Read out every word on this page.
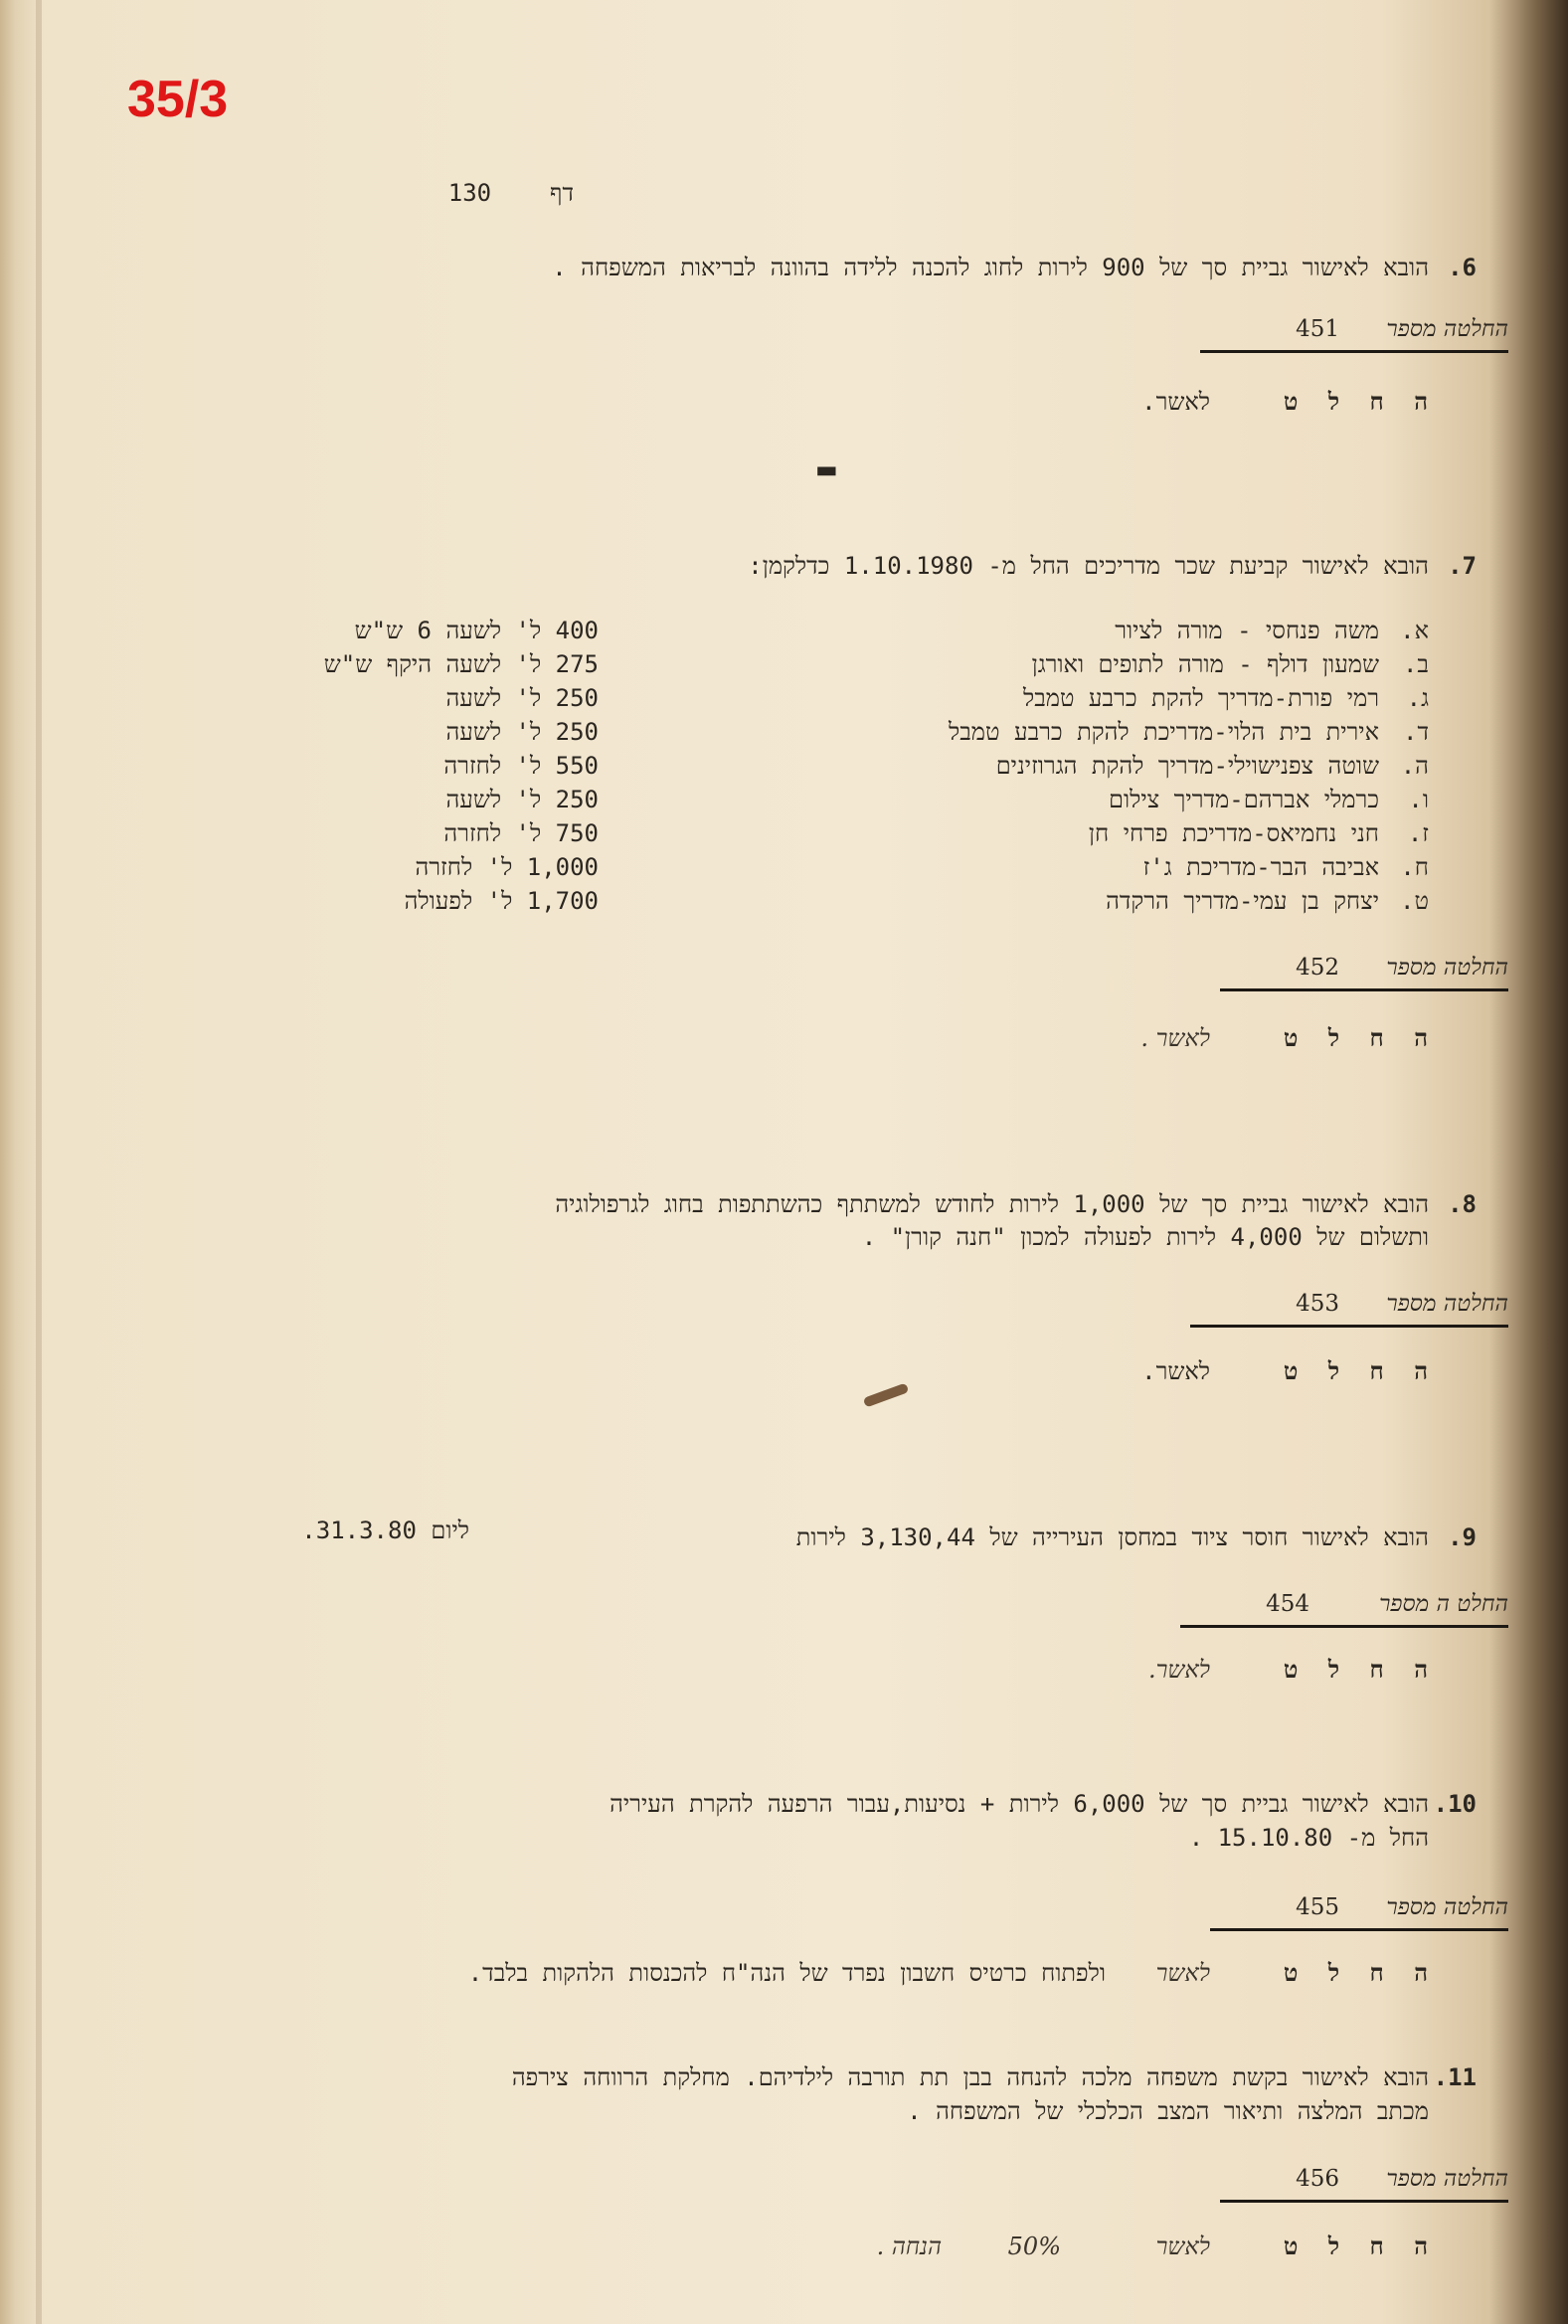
35/3
דף  130
6.
הובא לאישור גביית סך של 900 לירות לחוג להכנה ללידה בהוונה לבריאות המשפחה .
החלטה מספר
451
ה ח ל ט
לאשר.
7.
הובא לאישור קביעת שכר מדריכים החל מ- 1.10.1980 כדלקמן:
א.
משה פנחסי - מורה לציור
400 ל' לשעה 6 ש"ש
ב.
שמעון דולף - מורה לתופים ואורגן
275 ל' לשעה היקף ש"ש
ג.
רמי פורת-מדריך להקת כרבע טמבל
250 ל' לשעה
ד.
אירית בית הלוי-מדריכת להקת כרבע טמבל
250 ל' לשעה
ה.
שוטה צפנישוילי-מדריך להקת הגרוזינים
550 ל' לחזרה
ו.
כרמלי אברהם-מדריך צילום
250 ל' לשעה
ז.
חני נחמיאס-מדריכת פרחי חן
750 ל' לחזרה
ח.
אביבה הבר-מדריכת ג'ז
1,000 ל' לחזרה
ט.
יצחק בן עמי-מדריך הרקדה
1,700 ל' לפעולה
החלטה מספר
452
ה ח ל ט
לאשר .
8.
הובא לאישור גביית סך של 1,000 לירות לחודש למשתתף כהשתתפות בחוג לגרפולוגיה
ותשלום של 4,000 לירות לפעולה למכון "חנה קורן" .
החלטה מספר
453
ה ח ל ט
לאשר.
9.
הובא לאישור חוסר ציוד במחסן העירייה של 3,130,44 לירות
ליום 31.3.80.
החלט ה מספר
454
ה ח ל ט
לאשר.
10.
הובא לאישור גביית סך של 6,000 לירות + נסיעות,עבור הרפעה להקרת העיריה
החל מ- 15.10.80 .
החלטה מספר
455
ה ח ל ט
לאשר
ולפתוח כרטיס חשבון נפרד של הנה"ח להכנסות הלהקות בלבד.
11.
הובא לאישור בקשת משפחה מלכה להנחה בבן תת תורבה לילדיהם. מחלקת הרווחה צירפה
מכתב המלצה ותיאור המצב הכלכלי של המשפחה .
החלטה מספר
456
ה ח ל ט
לאשר
50%
הנחה .
▬
